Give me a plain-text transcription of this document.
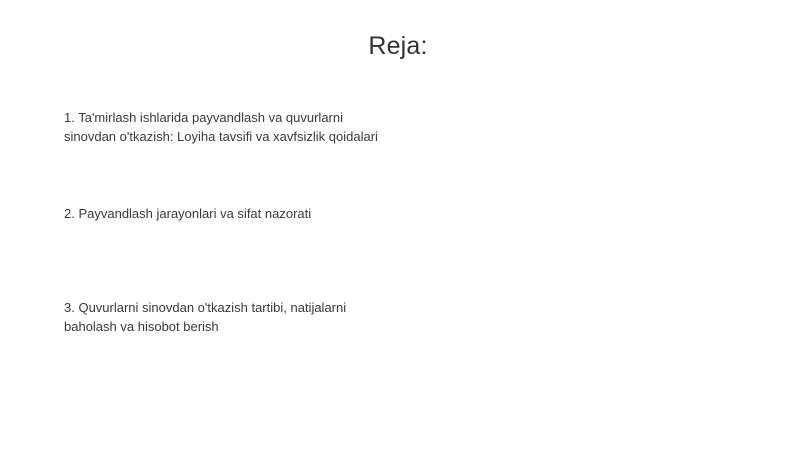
Reja:
1. Ta'mirlash ishlarida payvandlash va quvurlarni
sinovdan o'tkazish: Loyiha tavsifi va xavfsizlik qoidalari
2. Payvandlash jarayonlari va sifat nazorati
3. Quvurlarni sinovdan o'tkazish tartibi, natijalarni
baholash va hisobot berish
